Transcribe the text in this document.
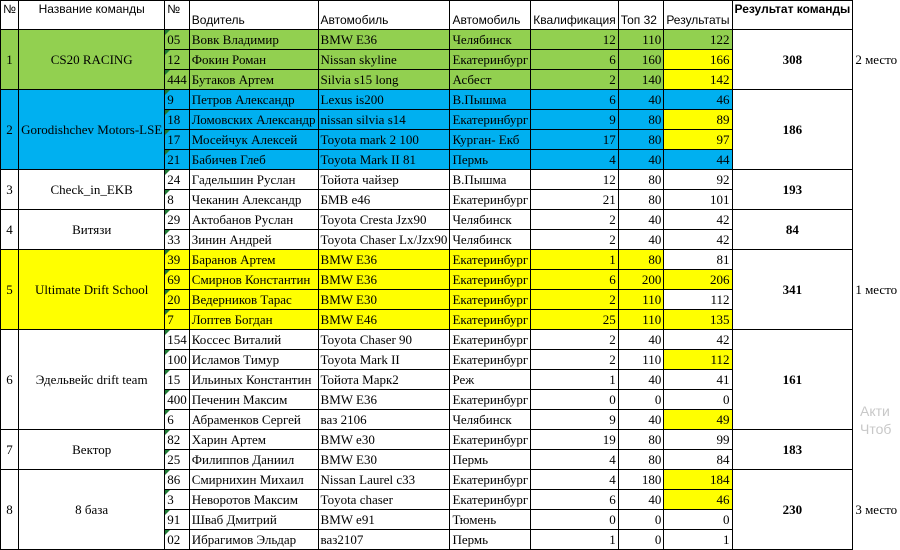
№	Название команды	№	Водитель	Автомобиль	Автомобиль	Квалификация	Топ 32	Результаты	Результат команды	
1	CS20 RACING	05	Вовк Владимир	BMW E36	Челябинск	12	110	122	308	2 место

12	Фокин Роман	Nissan skyline	Екатеринбург	6	160	166		

444	Бутаков Артем	Silvia s15 long	Асбест	2	140	142		
2	Gorodishchev Motors-LSE	9	Петров Александр	Lexus is200	В.Пышма	6	40	46	186	

18	Ломовских Александр	nissan silvia s14	Екатеринбург	9	80	89		

17	Мосейчук Алексей	Toyota mark 2 100	Курган- Екб	17	80	97		

21	Бабичев Глеб	Toyota Mark II 81	Пермь	4	40	44		
3	Check_in_EKB	24	Гадельшин Руслан	Тойота чайзер	В.Пышма	12	80	92	193	

8	Чеканин Александр	БМВ е46	Екатеринбург	21	80	101		
4	Витязи	29	Актобанов Руслан	Toyota Cresta Jzx90	Челябинск	2	40	42	84	

33	Зинин Андрей	Toyota Chaser Lx/Jzx90	Челябинск	2	40	42		
5	Ultimate Drift School	39	Баранов Артем	BMW E36	Екатеринбург	1	80	81	341	1 место

69	Смирнов Константин	BMW E36	Екатеринбург	6	200	206		

20	Ведерников Тарас	BMW E30	Екатеринбург	2	110	112		

7	Лоптев Богдан	BMW E46	Екатеринбург	25	110	135		
6	Эдельвейс drift team	154	Коссес Виталий	Toyota Chaser 90	Екатеринбург	2	40	42	161	

100	Исламов Тимур	Toyota Mark II	Екатеринбург	2	110	112		

15	Ильиных Константин	Тойота Марк2	Реж	1	40	41		

400	Печенин Максим	BMW E36	Екатеринбург	0	0	0		

6	Абраменков Сергей	ваз 2106	Челябинск	9	40	49		
7	Вектор	82	Харин Артем	BMW e30	Екатеринбург	19	80	99	183	

25	Филиппов Даниил	BMW E30	Пермь	4	80	84		
8	8 база	86	Смирнихин Михаил	Nissan Laurel c33	Екатеринбург	4	180	184	230	3 место

3	Неворотов Максим	Toyota chaser	Екатеринбург	6	40	46		

91	Шваб Дмитрий	BMW e91	Тюмень	0	0	0		

02	Ибрагимов Эльдар	ваз2107	Пермь	1	0	1		
Акти
Чтоб
